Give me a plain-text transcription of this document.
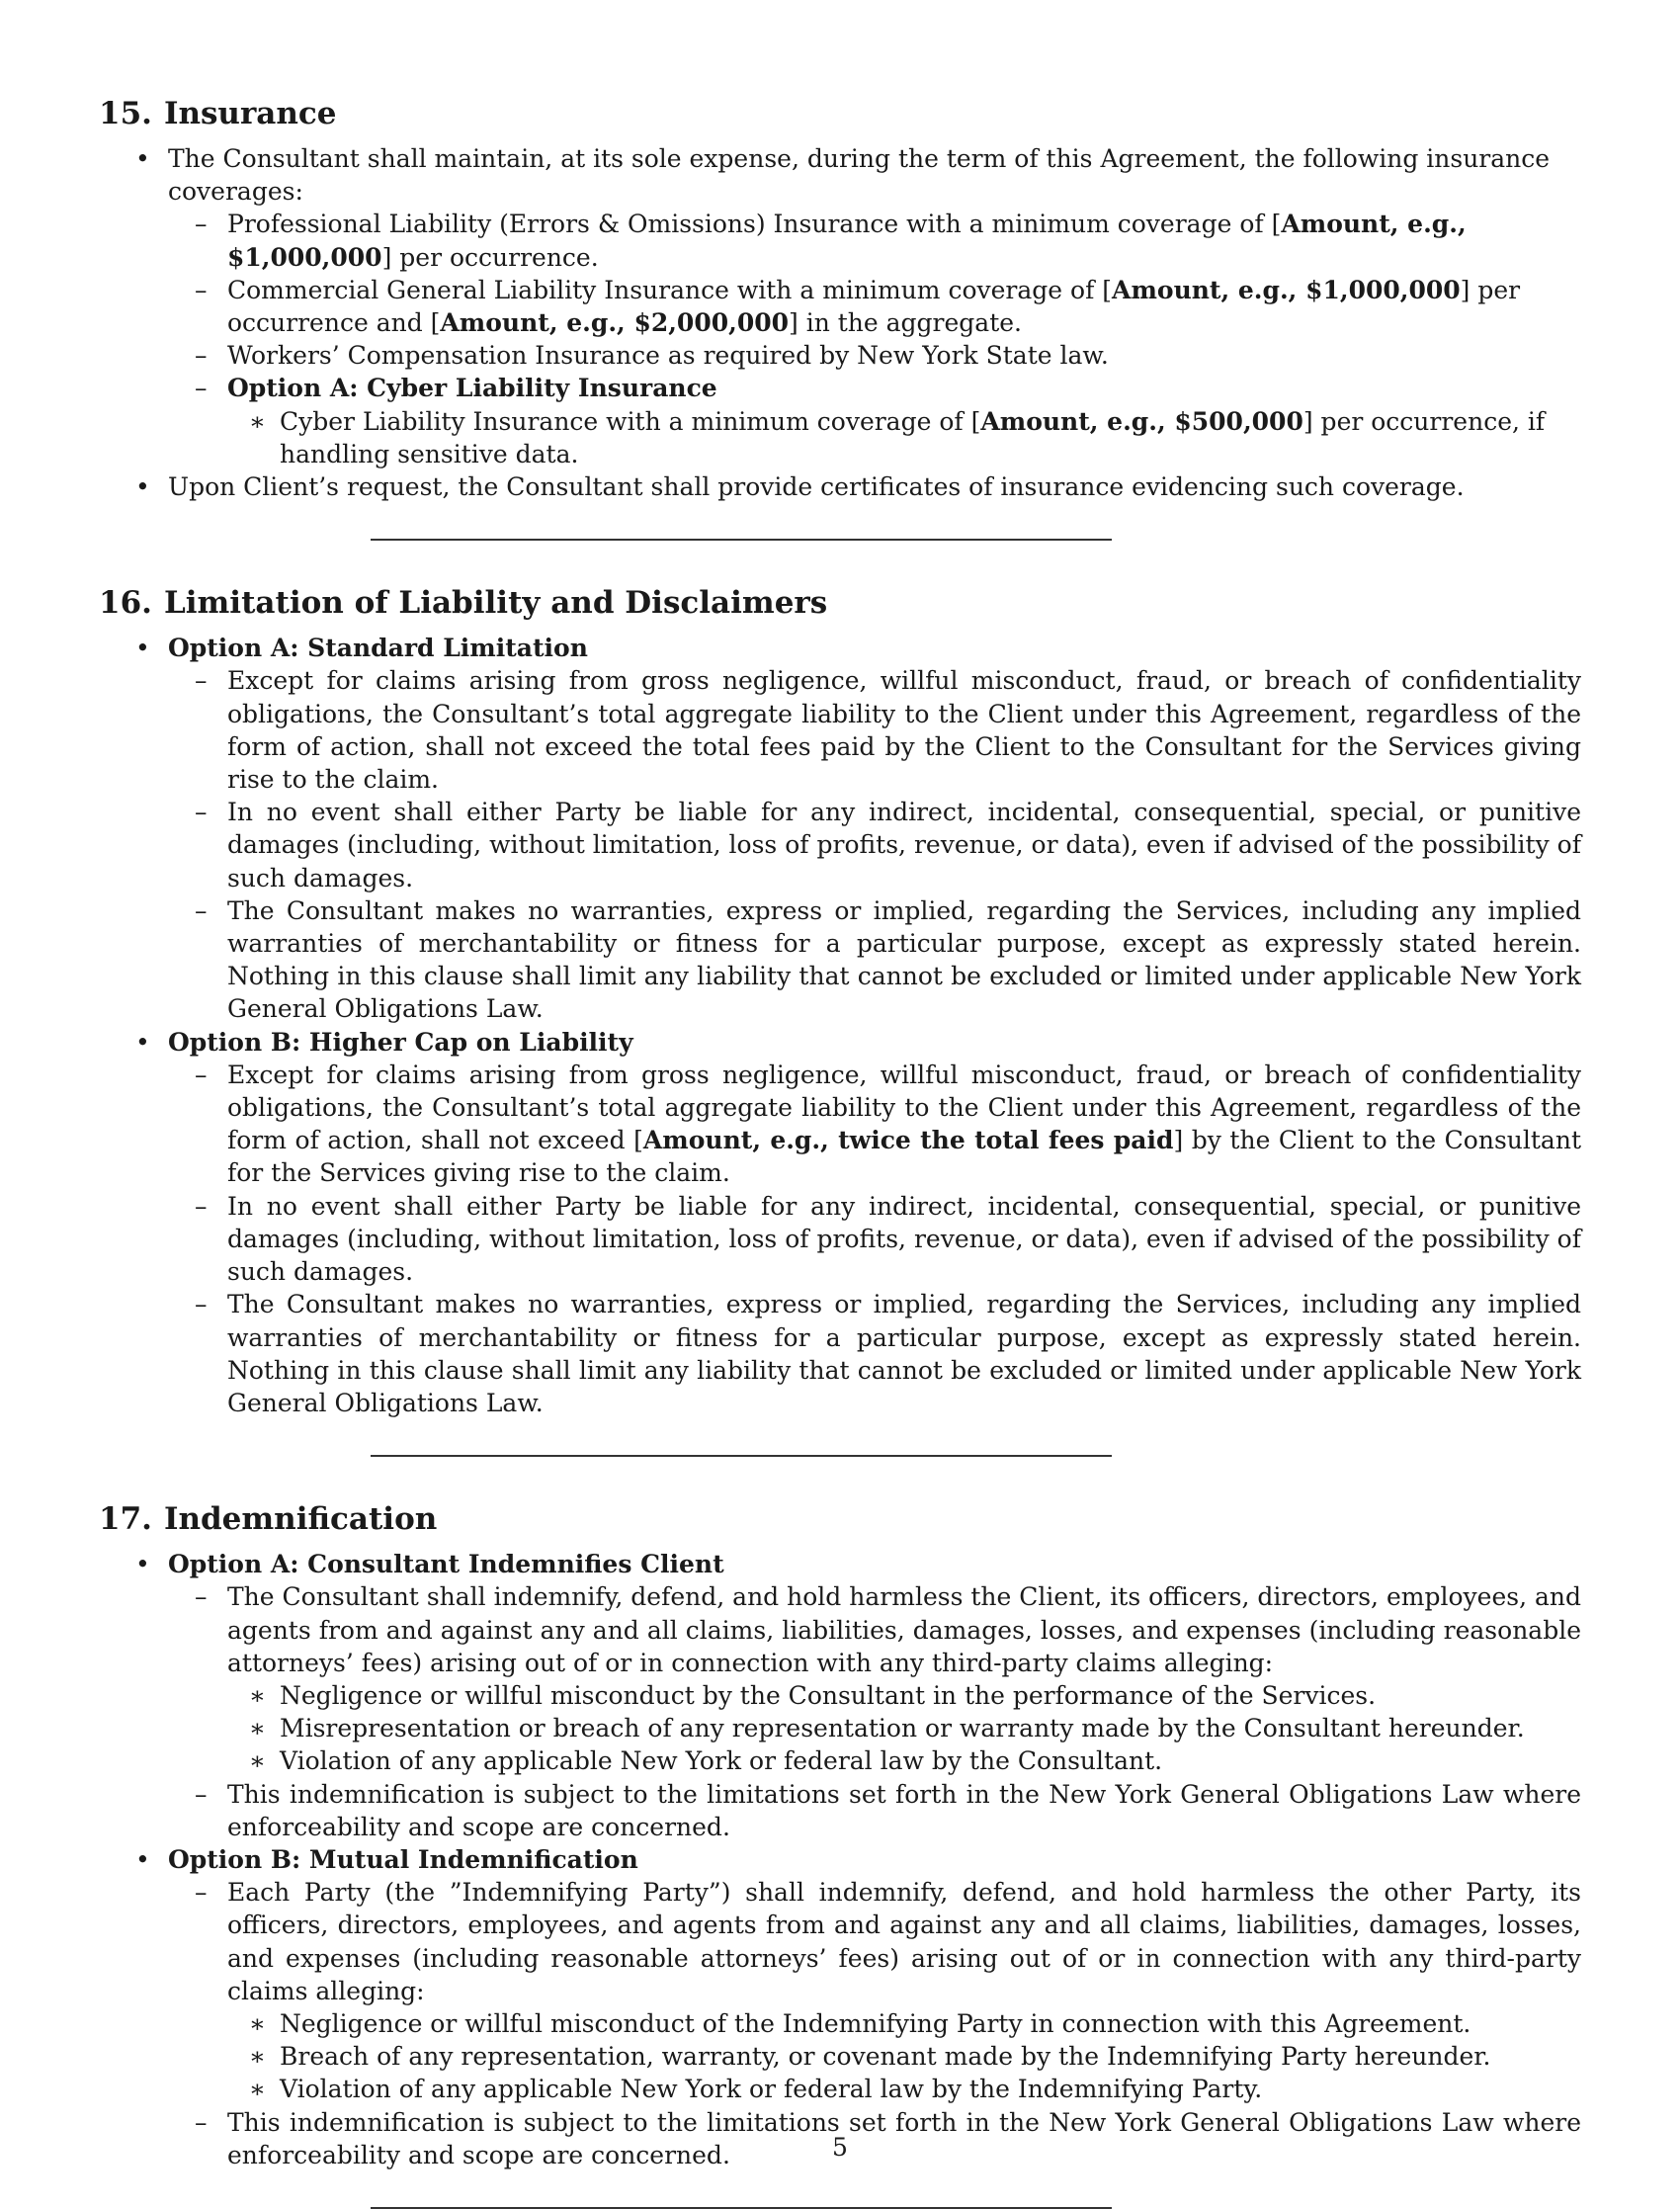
15. Insurance
• The Consultant shall maintain, at its sole expense, during the term of this Agreement, the following insurance coverages:
– Professional Liability (Errors & Omissions) Insurance with a minimum coverage of [Amount, e.g., $1,000,000] per occurrence.
– Commercial General Liability Insurance with a minimum coverage of [Amount, e.g., $1,000,000] per occurrence and [Amount, e.g., $2,000,000] in the aggregate.
– Workers’ Compensation Insurance as required by New York State law.
– Option A: Cyber Liability Insurance
∗ Cyber Liability Insurance with a minimum coverage of [Amount, e.g., $500,000] per occurrence, if handling sensitive data.
• Upon Client’s request, the Consultant shall provide certificates of insurance evidencing such coverage.
16. Limitation of Liability and Disclaimers
• Option A: Standard Limitation
– Except for claims arising from gross negligence, willful misconduct, fraud, or breach of confidentiality obligations, the Consultant’s total aggregate liability to the Client under this Agreement, regardless of the form of action, shall not exceed the total fees paid by the Client to the Consultant for the Services giving rise to the claim.
– In no event shall either Party be liable for any indirect, incidental, consequential, special, or punitive damages (including, without limitation, loss of profits, revenue, or data), even if advised of the possibility of such damages.
– The Consultant makes no warranties, express or implied, regarding the Services, including any implied warranties of merchantability or fitness for a particular purpose, except as expressly stated herein. Nothing in this clause shall limit any liability that cannot be excluded or limited under applicable New York General Obligations Law.
• Option B: Higher Cap on Liability
– Except for claims arising from gross negligence, willful misconduct, fraud, or breach of confidentiality obligations, the Consultant’s total aggregate liability to the Client under this Agreement, regardless of the form of action, shall not exceed [Amount, e.g., twice the total fees paid] by the Client to the Consultant for the Services giving rise to the claim.
– In no event shall either Party be liable for any indirect, incidental, consequential, special, or punitive damages (including, without limitation, loss of profits, revenue, or data), even if advised of the possibility of such damages.
– The Consultant makes no warranties, express or implied, regarding the Services, including any implied warranties of merchantability or fitness for a particular purpose, except as expressly stated herein. Nothing in this clause shall limit any liability that cannot be excluded or limited under applicable New York General Obligations Law.
17. Indemnification
• Option A: Consultant Indemnifies Client
– The Consultant shall indemnify, defend, and hold harmless the Client, its officers, directors, employees, and agents from and against any and all claims, liabilities, damages, losses, and expenses (including reasonable attorneys’ fees) arising out of or in connection with any third-party claims alleging:
∗ Negligence or willful misconduct by the Consultant in the performance of the Services.
∗ Misrepresentation or breach of any representation or warranty made by the Consultant hereunder.
∗ Violation of any applicable New York or federal law by the Consultant.
– This indemnification is subject to the limitations set forth in the New York General Obligations Law where enforceability and scope are concerned.
• Option B: Mutual Indemnification
– Each Party (the ”Indemnifying Party”) shall indemnify, defend, and hold harmless the other Party, its officers, directors, employees, and agents from and against any and all claims, liabilities, damages, losses, and expenses (including reasonable attorneys’ fees) arising out of or in connection with any third-party claims alleging:
∗ Negligence or willful misconduct of the Indemnifying Party in connection with this Agreement.
∗ Breach of any representation, warranty, or covenant made by the Indemnifying Party hereunder.
∗ Violation of any applicable New York or federal law by the Indemnifying Party.
– This indemnification is subject to the limitations set forth in the New York General Obligations Law where enforceability and scope are concerned.	5
